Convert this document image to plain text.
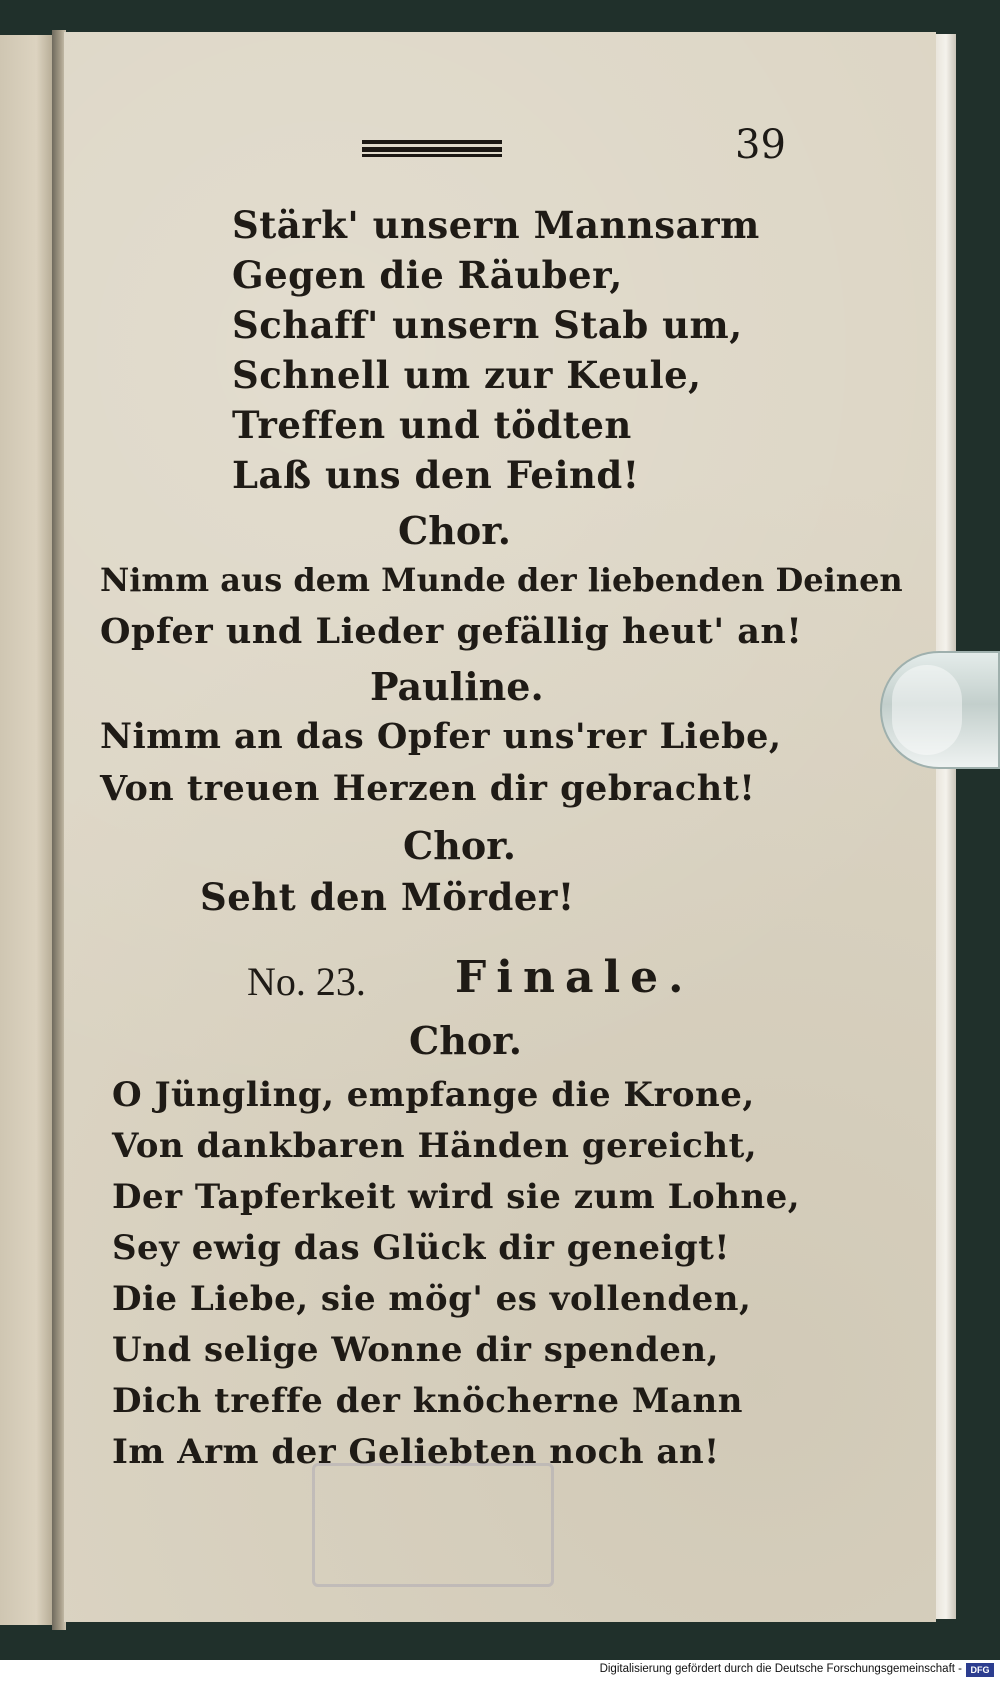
39
Stärk' unsern Mannsarm
Gegen die Räuber,
Schaff' unsern Stab um,
Schnell um zur Keule,
Treffen und tödten
Laß uns den Feind!
Chor.
Nimm aus dem Munde der liebenden Deinen
Opfer und Lieder gefällig heut' an!
Pauline.
Nimm an das Opfer uns'rer Liebe,
Von treuen Herzen dir gebracht!
Chor.
Seht den Mörder!
No. 23. Finale.
Chor.
O Jüngling, empfange die Krone,
Von dankbaren Händen gereicht,
Der Tapferkeit wird sie zum Lohne,
Sey ewig das Glück dir geneigt!
Die Liebe, sie mög' es vollenden,
Und selige Wonne dir spenden,
Dich treffe der knöcherne Mann
Im Arm der Geliebten noch an!
Digitalisierung gefördert durch die Deutsche Forschungsgemeinschaft - DFG
